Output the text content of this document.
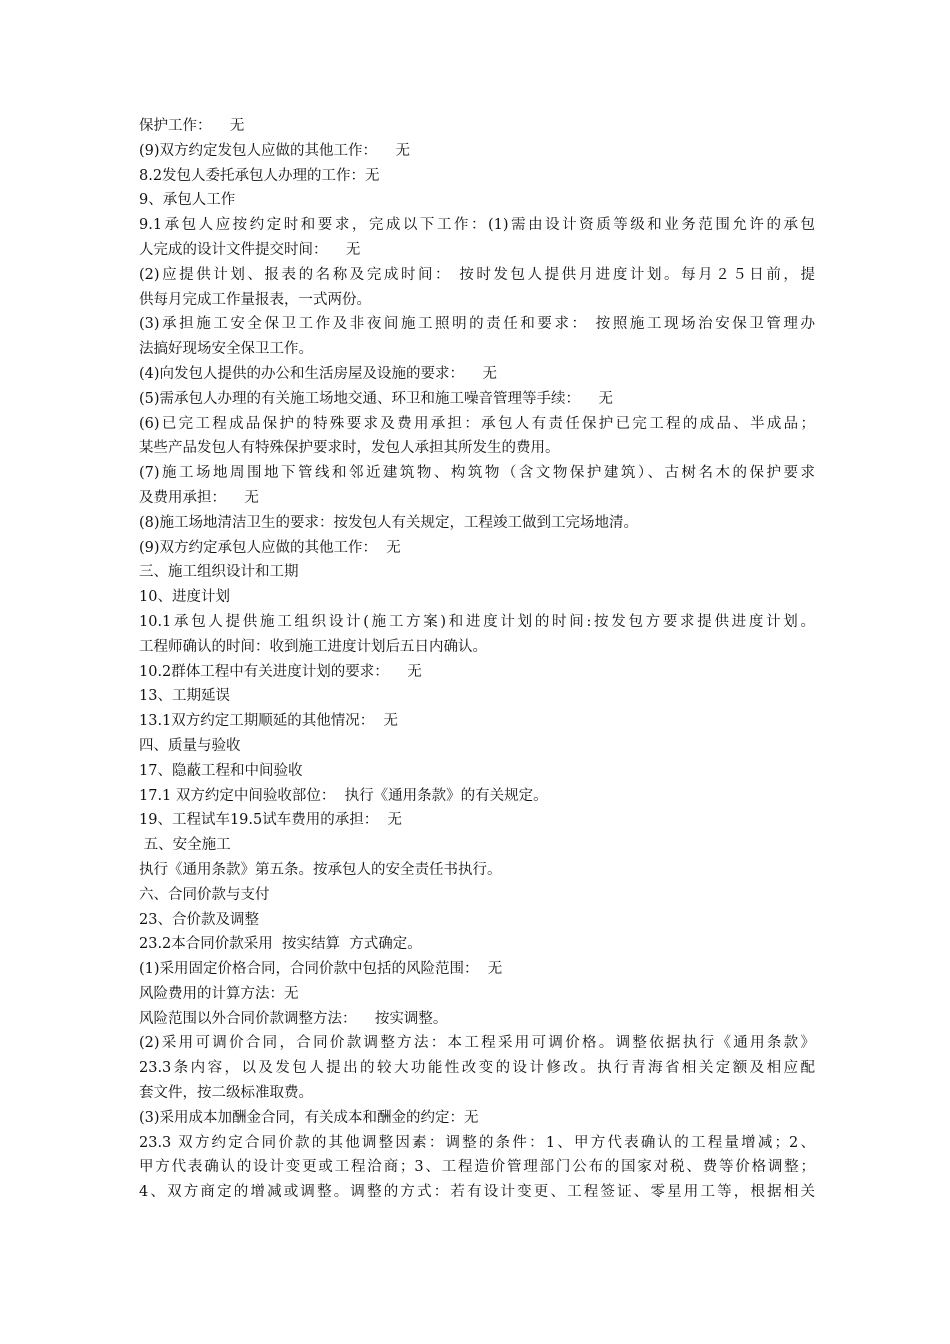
保护工作：    无
(9)双方约定发包人应做的其他工作：    无
8.2发包人委托承包人办理的工作：无
9、承包人工作
9.1承包人应按约定时和要求，完成以下工作：(1)需由设计资质等级和业务范围允许的承包
人完成的设计文件提交时间：    无
(2)应提供计划、报表的名称及完成时间： 按时发包人提供月进度计划。每月２５日前，提
供每月完成工作量报表，一式两份。
(3)承担施工安全保卫工作及非夜间施工照明的责任和要求： 按照施工现场治安保卫管理办
法搞好现场安全保卫工作。
(4)向发包人提供的办公和生活房屋及设施的要求：    无
(5)需承包人办理的有关施工场地交通、环卫和施工噪音管理等手续：    无
(6)已完工程成品保护的特殊要求及费用承担：承包人有责任保护已完工程的成品、半成品；
某些产品发包人有特殊保护要求时，发包人承担其所发生的费用。
(7)施工场地周围地下管线和邻近建筑物、构筑物（含文物保护建筑）、古树名木的保护要求
及费用承担：    无
(8)施工场地清洁卫生的要求：按发包人有关规定，工程竣工做到工完场地清。
(9)双方约定承包人应做的其他工作：  无
三、施工组织设计和工期
10、进度计划
10.1承包人提供施工组织设计(施工方案)和进度计划的时间:按发包方要求提供进度计划。
工程师确认的时间：收到施工进度计划后五日内确认。
10.2群体工程中有关进度计划的要求：    无
13、工期延误
13.1双方约定工期顺延的其他情况：  无
四、质量与验收
17、隐蔽工程和中间验收
17.1 双方约定中间验收部位：  执行《通用条款》的有关规定。
19、工程试车19.5试车费用的承担：  无
五、安全施工
执行《通用条款》第五条。按承包人的安全责任书执行。
六、合同价款与支付
23、合价款及调整
23.2本合同价款采用  按实结算  方式确定。
(1)采用固定价格合同，合同价款中包括的风险范围：  无
风险费用的计算方法：无
风险范围以外合同价款调整方法：    按实调整。
(2)采用可调价合同，合同价款调整方法：本工程采用可调价格。调整依据执行《通用条款》
23.3条内容，以及发包人提出的较大功能性改变的设计修改。执行青海省相关定额及相应配
套文件，按二级标准取费。
(3)采用成本加酬金合同，有关成本和酬金的约定：无
23.3 双方约定合同价款的其他调整因素：调整的条件：1、甲方代表确认的工程量增减；2、
甲方代表确认的设计变更或工程洽商；3、工程造价管理部门公布的国家对税、费等价格调整；
4、双方商定的增减或调整。调整的方式：若有设计变更、工程签证、零星用工等，根据相关
